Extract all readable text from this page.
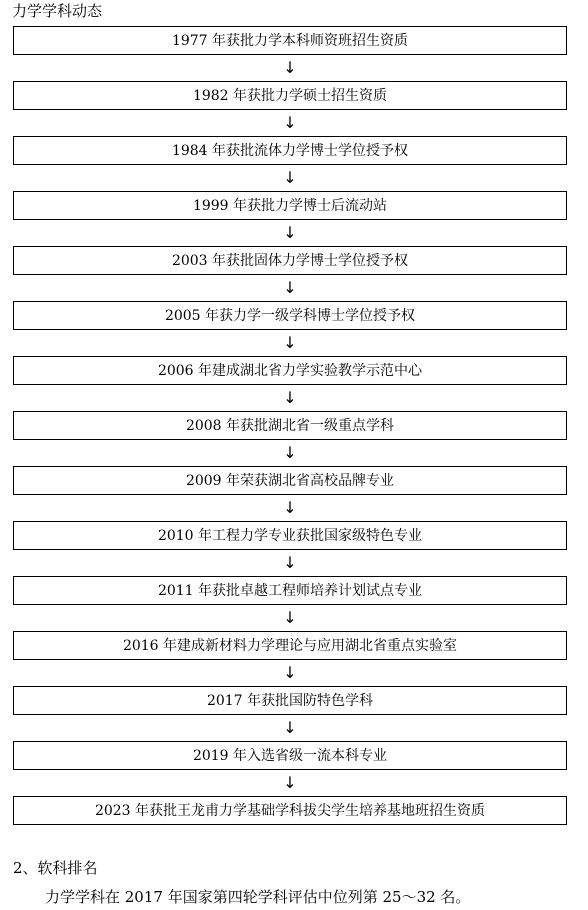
力学学科动态
1977 年获批力学本科师资班招生资质
↓
1982 年获批力学硕士招生资质
↓
1984 年获批流体力学博士学位授予权
↓
1999 年获批力学博士后流动站
↓
2003 年获批固体力学博士学位授予权
↓
2005 年获力学一级学科博士学位授予权
↓
2006 年建成湖北省力学实验教学示范中心
↓
2008 年获批湖北省一级重点学科
↓
2009 年荣获湖北省高校品牌专业
↓
2010 年工程力学专业获批国家级特色专业
↓
2011 年获批卓越工程师培养计划试点专业
↓
2016 年建成新材料力学理论与应用湖北省重点实验室
↓
2017 年获批国防特色学科
↓
2019 年入选省级一流本科专业
↓
2023 年获批王龙甫力学基础学科拔尖学生培养基地班招生资质
2、软科排名
力学学科在 2017 年国家第四轮学科评估中位列第 25～32 名。
